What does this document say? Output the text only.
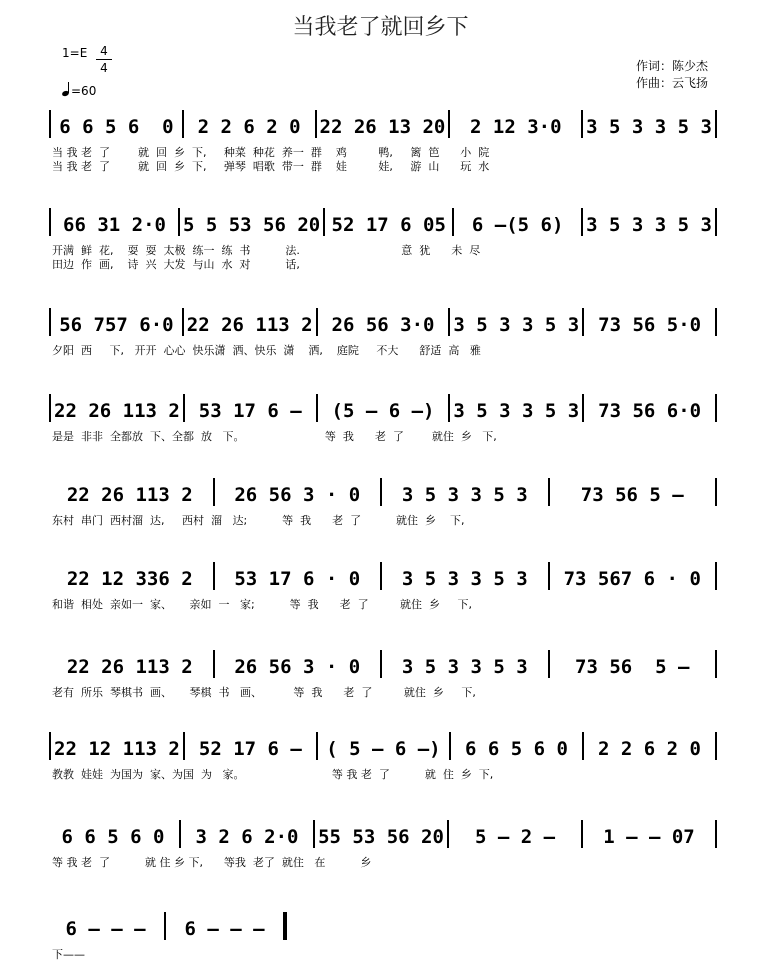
当我老了就回乡下
1=E	4
4
=60
作词：陈少杰
作曲：云飞扬
6 6 5 6  0	2 2 6 2 0 22 26 13 20	2 12 3·0	3 5 3 3 5 3
当 我 老  了        就  回  乡  下,     种菜  种花  养一  群    鸡         鸭,     篱  笆      小  院
当 我 老  了        就  回  乡  下,     弹琴  唱歌  带一  群    娃         娃,     游  山      玩  水
66 31 2·0 5 5 53 56 20 52 17 6 05	6 –(5 6)	3 5 3 3 5 3
开满  鲜  花,    耍  耍  太极  练一  练  书          法.                             意  犹      未  尽
田边  作  画,    诗  兴  大发  与山  水  对          话,
56 757 6·0 22 26 113 2 26 56 3·0 3 5 3 3 5 3 73 56 5·0
夕阳  西     下,   开开  心心  快乐潇  洒、快乐  潇    洒,    庭院     不大      舒适  高   雅
22 26 113 2 53 17 6 –	(5 – 6 –) 3 5 3 3 5 3 73 56 6·0
是是  非非  全都放  下、全都  放   下。                       等  我      老  了        就住  乡   下,
22 26 113 2	26 56 3 · 0	3 5 3 3 5 3	73 56 5 –
东村  串门  西村溜  达,     西村  溜   达;          等  我      老  了          就住  乡    下,
22 12 336 2	53 17 6 · 0	3 5 3 3 5 3	73 567 6 · 0
和谐  相处  亲如一  家、     亲如  一   家;          等  我      老  了         就住  乡     下,
22 26 113 2	26 56 3 · 0	3 5 3 3 5 3	73 56  5 –
老有  所乐  琴棋书  画、     琴棋  书   画、         等  我      老  了         就住  乡     下,
22 12 113 2	52 17 6 –	( 5 – 6 –)	6 6 5 6 0	2 2 6 2 0
教教  娃娃  为国为  家、为国  为   家。                         等 我 老  了          就  住  乡  下,
6 6 5 6 0	3 2 6 2·0	55 53 56 20	5 – 2 –	1 – – 07
等 我 老  了          就 住 乡 下,      等我  老了  就住   在          乡
6 – – –	6 – – –
下——
